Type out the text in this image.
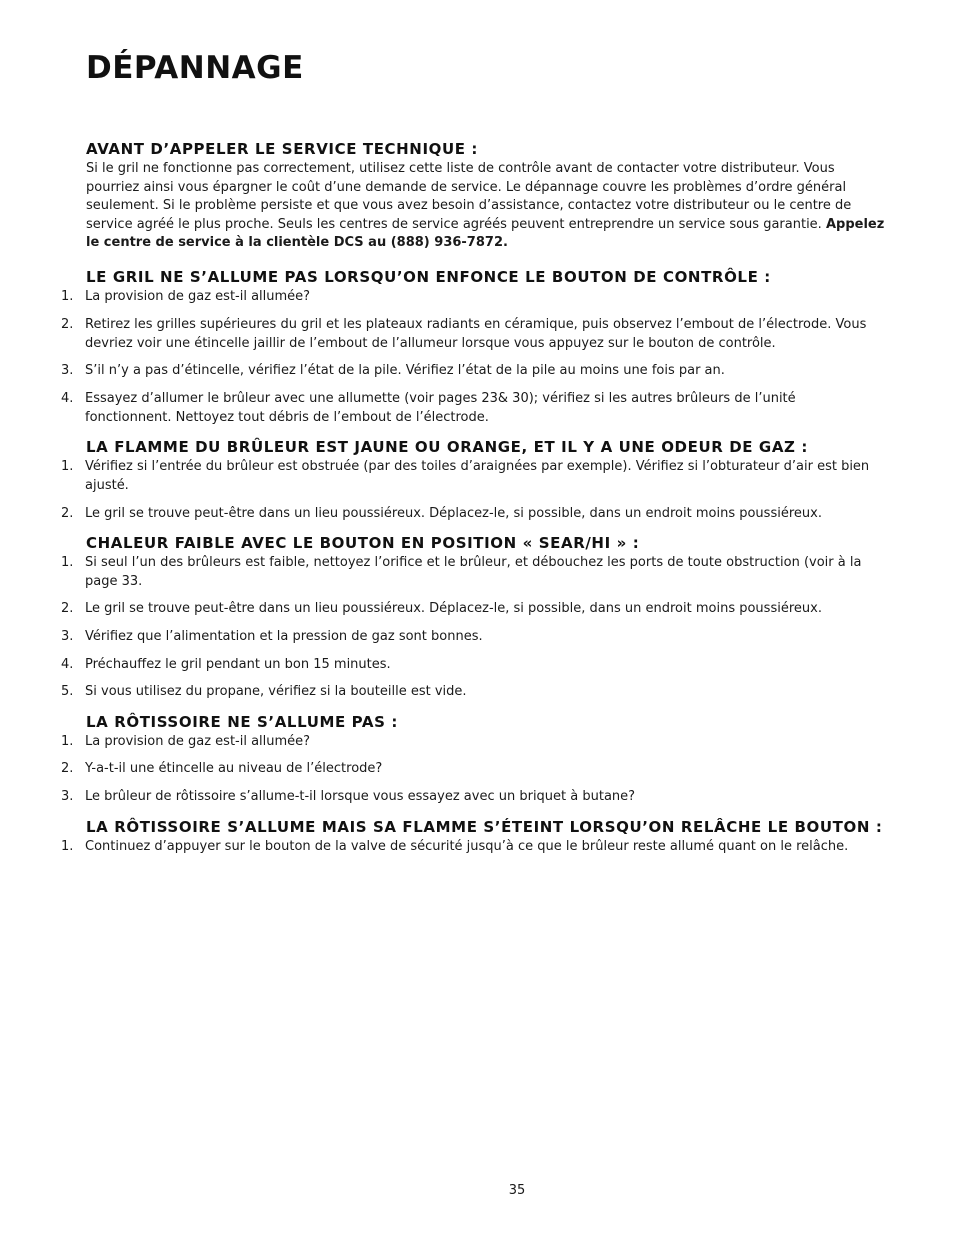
DÉPANNAGE
AVANT D’APPELER LE SERVICE TECHNIQUE :

Si le gril ne fonctionne pas correctement, utilisez cette liste de contrôle avant de contacter votre distributeur. Vous pourriez ainsi vous épargner le coût d’une demande de service. Le dépannage couvre les problèmes d’ordre général seulement. Si le problème persiste et que vous avez besoin d’assistance, contactez votre distributeur ou le centre de service agréé le plus proche. Seuls les centres de service agréés peuvent entreprendre un service sous garantie. Appelez le centre de service à la clientèle DCS au (888) 936-7872.

LE GRIL NE S’ALLUME PAS LORSQU’ON ENFONCE LE BOUTON DE CONTRÔLE :
1. La provision de gaz est-il allumée?
2. Retirez les grilles supérieures du gril et les plateaux radiants en céramique, puis observez l’embout de l’électrode. Vous devriez voir une étincelle jaillir de l’embout de l’allumeur lorsque vous appuyez sur le bouton de contrôle.
3. S’il n’y a pas d’étincelle, vérifiez l’état de la pile. Vérifiez l’état de la pile au moins une fois par an.
4. Essayez d’allumer le brûleur avec une allumette (voir pages 23& 30); vérifiez si les autres brûleurs de l’unité fonctionnent. Nettoyez tout débris de l’embout de l’électrode.
LA FLAMME DU BRÛLEUR EST JAUNE OU ORANGE, ET IL Y A UNE ODEUR DE GAZ :
1. Vérifiez si l’entrée du brûleur est obstruée (par des toiles d’araignées par exemple). Vérifiez si l’obturateur d’air est bien ajusté.
2. Le gril se trouve peut-être dans un lieu poussiéreux. Déplacez-le, si possible, dans un endroit moins poussiéreux.
CHALEUR FAIBLE AVEC LE BOUTON EN POSITION « SEAR/HI » :
1. Si seul l’un des brûleurs est faible, nettoyez l’orifice et le brûleur, et débouchez les ports de toute obstruction (voir à la page 33.
2. Le gril se trouve peut-être dans un lieu poussiéreux. Déplacez-le, si possible, dans un endroit moins poussiéreux.
3. Vérifiez que l’alimentation et la pression de gaz sont bonnes.
4. Préchauffez le gril pendant un bon 15 minutes.
5. Si vous utilisez du propane, vérifiez si la bouteille est vide.
LA RÔTISSOIRE NE S’ALLUME PAS :
1. La provision de gaz est-il allumée?
2. Y-a-t-il une étincelle au niveau de l’électrode?
3. Le brûleur de rôtissoire s’allume-t-il lorsque vous essayez avec un briquet à butane?
LA RÔTISSOIRE S’ALLUME MAIS SA FLAMME S’ÉTEINT LORSQU’ON RELÂCHE LE BOUTON :
1. Continuez d’appuyer sur le bouton de la valve de sécurité jusqu’à ce que le brûleur reste allumé quant on le relâche.
35
